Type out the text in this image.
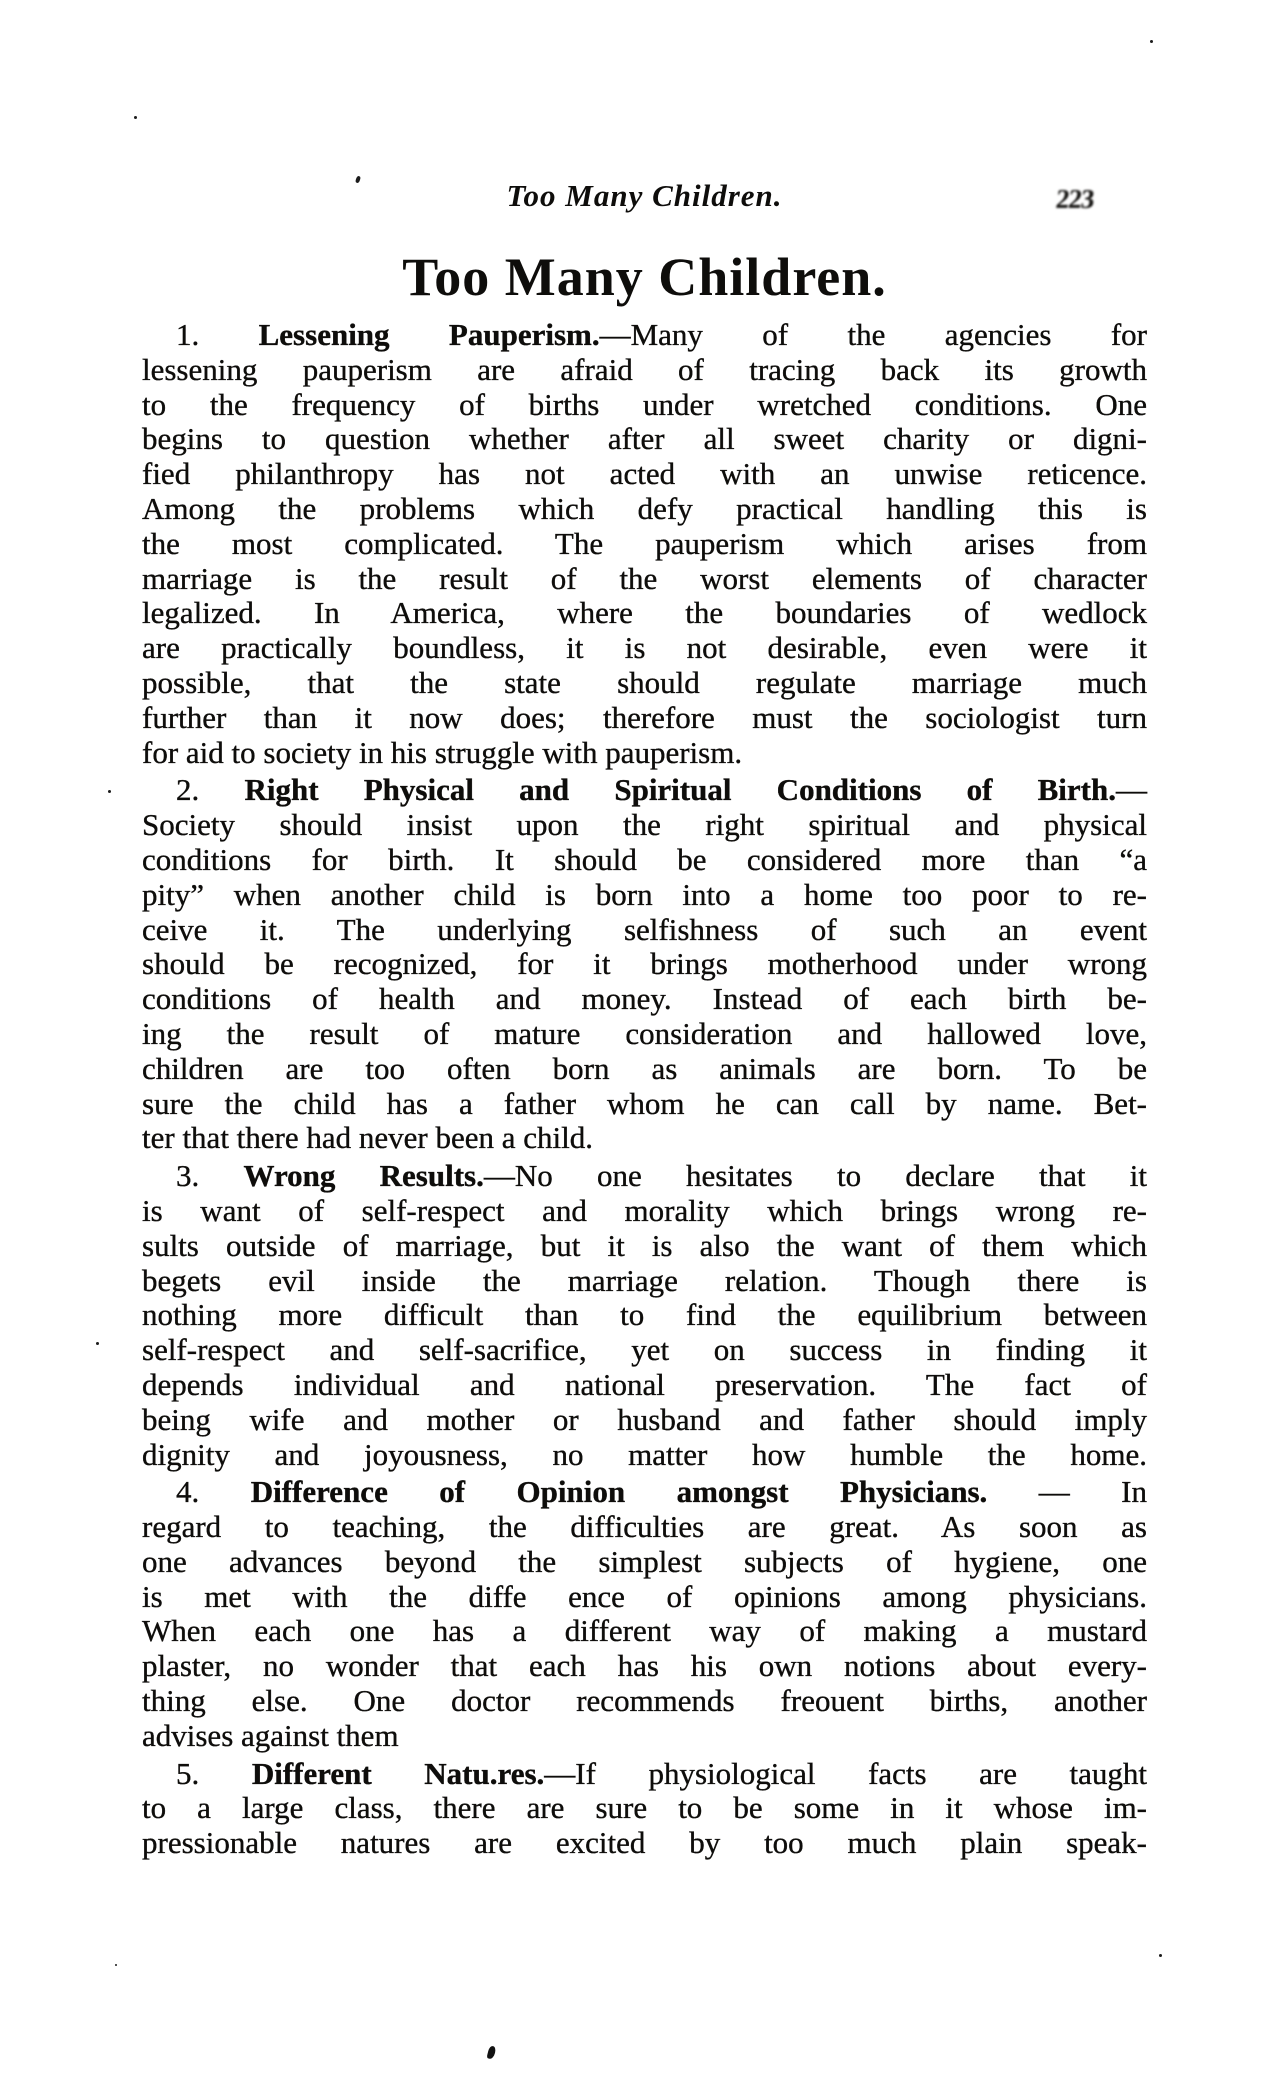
Too Many Children.	223
Too Many Children.

1. Lessening Pauperism.—Many of the agencies for
lessening pauperism are afraid of tracing back its growth
to the frequency of births under wretched conditions. One
begins to question whether after all sweet charity or digni-
fied philanthropy has not acted with an unwise reticence.
Among the problems which defy practical handling this is
the most complicated. The pauperism which arises from
marriage is the result of the worst elements of character
legalized. In America, where the boundaries of wedlock
are practically boundless, it is not desirable, even were it
possible, that the state should regulate marriage much
further than it now does; therefore must the sociologist turn
for aid to society in his struggle with pauperism.

2. Right Physical and Spiritual Conditions of Birth.—
Society should insist upon the right spiritual and physical
conditions for birth. It should be considered more than “a
pity” when another child is born into a home too poor to re-
ceive it. The underlying selfishness of such an event
should be recognized, for it brings motherhood under wrong
conditions of health and money. Instead of each birth be-
ing the result of mature consideration and hallowed love,
children are too often born as animals are born. To be
sure the child has a father whom he can call by name. Bet-
ter that there had never been a child.

3. Wrong Results.—No one hesitates to declare that it
is want of self-respect and morality which brings wrong re-
sults outside of marriage, but it is also the want of them which
begets evil inside the marriage relation. Though there is
nothing more difficult than to find the equilibrium between
self-respect and self-sacrifice, yet on success in finding it
depends individual and national preservation. The fact of
being wife and mother or husband and father should imply
dignity and joyousness, no matter how humble the home.

4. Difference of Opinion amongst Physicians. — In
regard to teaching, the difficulties are great. As soon as
one advances beyond the simplest subjects of hygiene, one
is met with the diffe ence of opinions among physicians.
When each one has a different way of making a mustard
plaster, no wonder that each has his own notions about every-
thing else. One doctor recommends freouent births, another
advises against them

5. Different Natu.res.—If physiological facts are taught
to a large class, there are sure to be some in it whose im-
pressionable natures are excited by too much plain speak-
